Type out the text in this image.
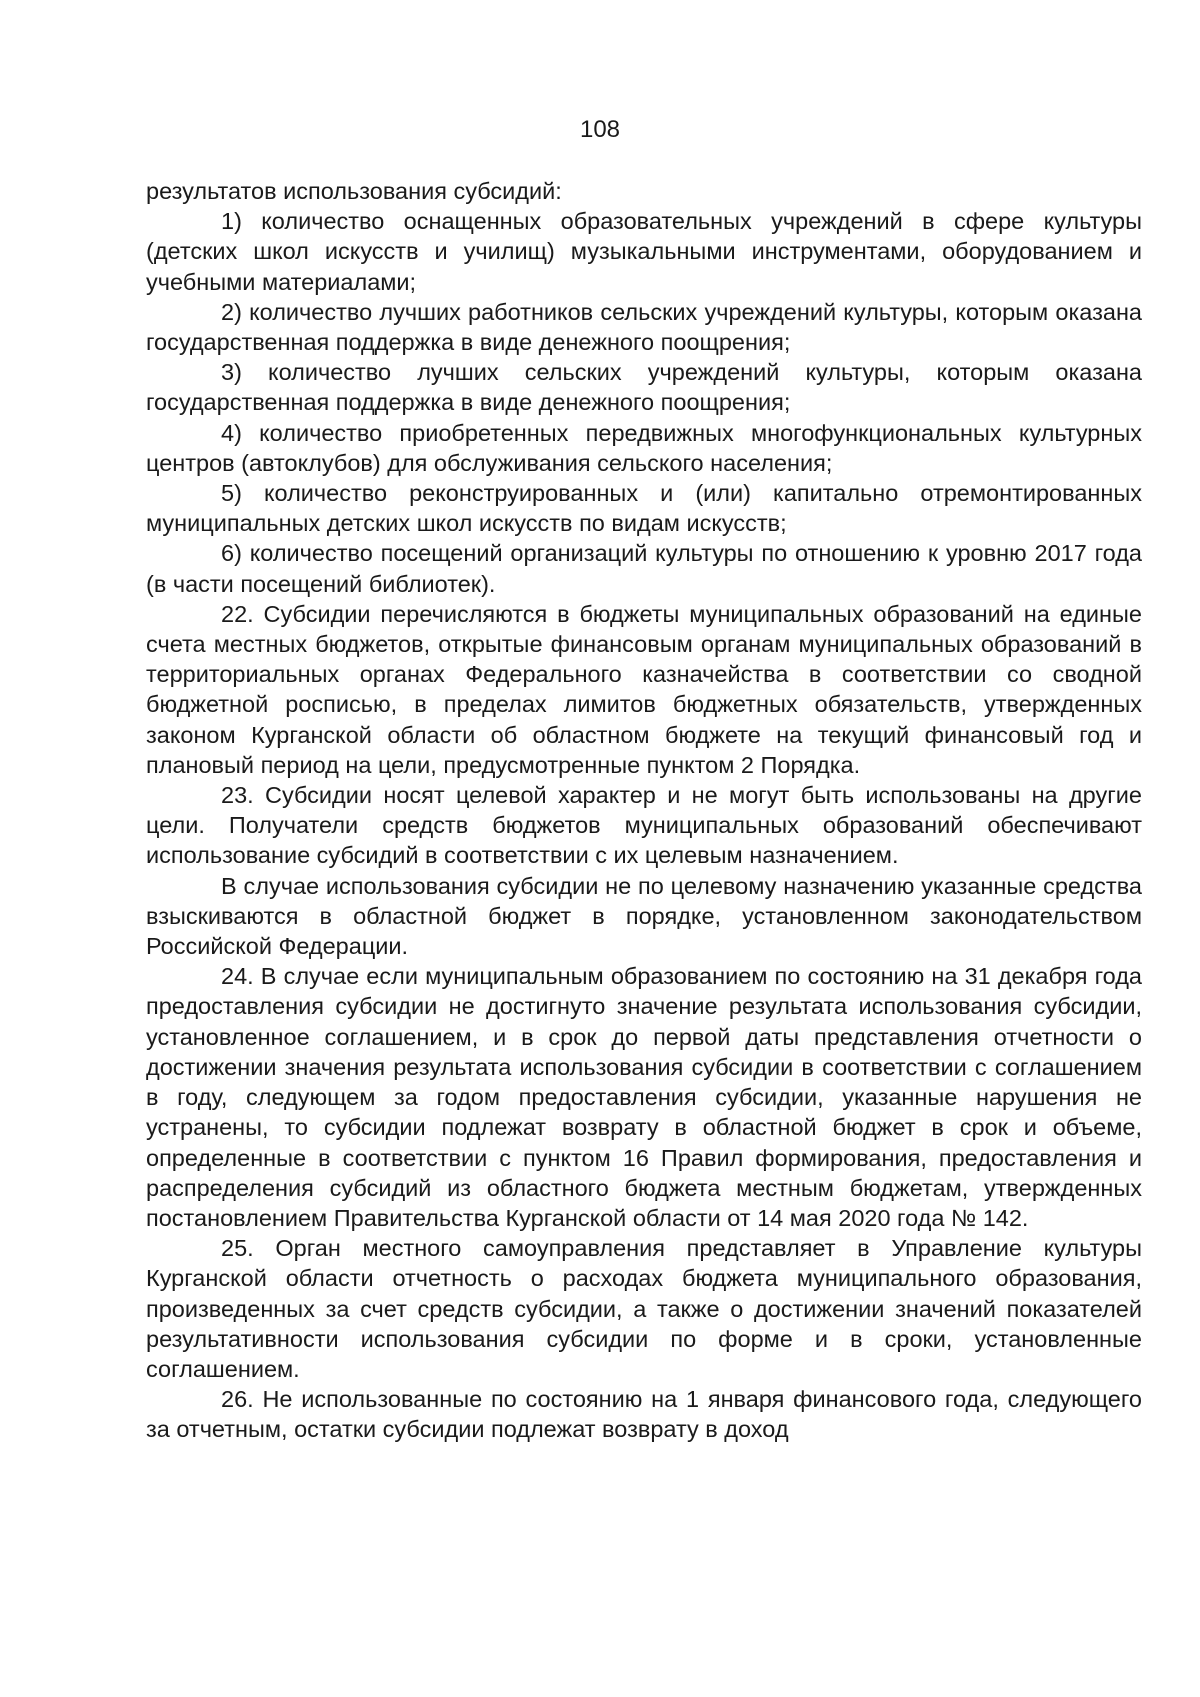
108

результатов использования субсидий:

1) количество оснащенных образовательных учреждений в сфере культуры (детских школ искусств и училищ) музыкальными инструментами, оборудованием и учебными материалами;

2) количество лучших работников сельских учреждений культуры, которым оказана государственная поддержка в виде денежного поощрения;

3) количество лучших сельских учреждений культуры, которым оказана государственная поддержка в виде денежного поощрения;

4) количество приобретенных передвижных многофункциональных культурных центров (автоклубов) для обслуживания сельского населения;

5) количество реконструированных и (или) капитально отремонтированных муниципальных детских школ искусств по видам искусств;

6) количество посещений организаций культуры по отношению к уровню 2017 года (в части посещений библиотек).

22. Субсидии перечисляются в бюджеты муниципальных образований на единые счета местных бюджетов, открытые финансовым органам муниципальных образований в территориальных органах Федерального казначейства в соответствии со сводной бюджетной росписью, в пределах лимитов бюджетных обязательств, утвержденных законом Курганской области об областном бюджете на текущий финансовый год и плановый период на цели, предусмотренные пунктом 2 Порядка.

23. Субсидии носят целевой характер и не могут быть использованы на другие цели. Получатели средств бюджетов муниципальных образований обеспечивают использование субсидий в соответствии с их целевым назначением.

В случае использования субсидии не по целевому назначению указанные средства взыскиваются в областной бюджет в порядке, установленном законодательством Российской Федерации.

24. В случае если муниципальным образованием по состоянию на 31 декабря года предоставления субсидии не достигнуто значение результата использования субсидии, установленное соглашением, и в срок до первой даты представления отчетности о достижении значения результата использования субсидии в соответствии с соглашением в году, следующем за годом предоставления субсидии, указанные нарушения не устранены, то субсидии подлежат возврату в областной бюджет в срок и объеме, определенные в соответствии с пунктом 16 Правил формирования, предоставления и распределения субсидий из областного бюджета местным бюджетам, утвержденных постановлением Правительства Курганской области от 14 мая 2020 года № 142.

25. Орган местного самоуправления представляет в Управление культуры Курганской области отчетность о расходах бюджета муниципального образования, произведенных за счет средств субсидии, а также о достижении значений показателей результативности использования субсидии по форме и в сроки, установленные соглашением.

26. Не использованные по состоянию на 1 января финансового года, следующего за отчетным, остатки субсидии подлежат возврату в доход
